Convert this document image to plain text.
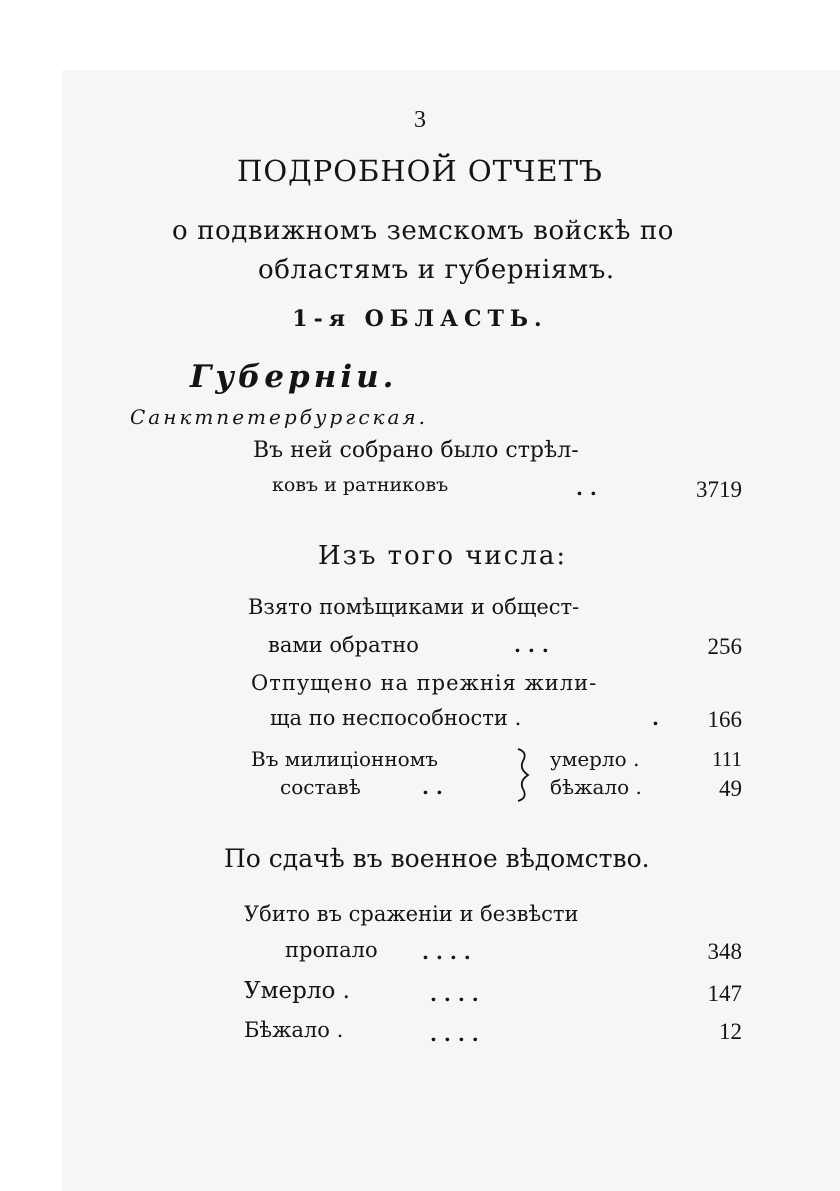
3
ПОДРОБНОЙ ОТЧЕТЪ
о подвижномъ земскомъ войскѣ по
областямъ и губерніямъ.
1-я ОБЛАСТЬ.
Губерніи.
Санктпетербургская.
Въ ней собрано было стрѣл-
ковъ и ратниковъ	. .	3719
Изъ того числа:
Взято помѣщиками и общест-
вами обратно	. . .	256
Отпущено на прежнія жили-
ща по неспособности .	.	166
Въ милиціонномъ
составѣ	. .
умерло .	111
бѣжало .	49
По сдачѣ въ военное вѣдомство.
Убито въ сраженіи и безвѣсти
пропало . . . .	348
Умерло .	. . . .	147
Бѣжало .	. . . .	12
